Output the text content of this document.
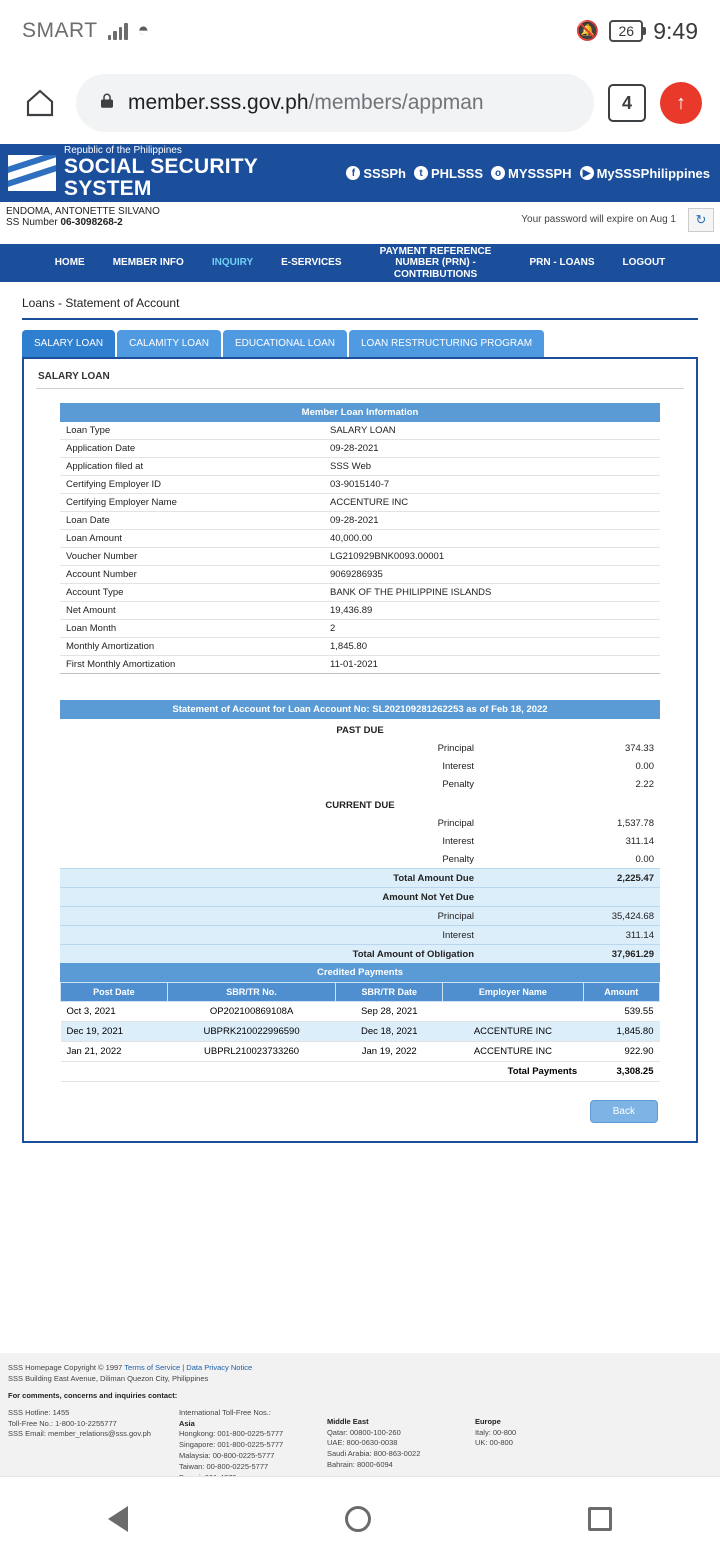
SMART ◓	🔕	26 9:49
member.sss.gov.ph/members/appman	4	↑
Republic of the Philippines
SOCIAL SECURITY SYSTEM
f SSSPh	t PHLSSS	o MYSSSPH	▶ MySSSPhilippines
ENDOMA, ANTONETTE SILVANO
SS Number 06-3098268-2	Your password will expire on Aug 1	↻
HOME	MEMBER INFO	INQUIRY	E-SERVICES
PAYMENT REFERENCE NUMBER (PRN) - CONTRIBUTIONS
PRN - LOANS	LOGOUT
Loans - Statement of Account
SALARY LOAN	CALAMITY LOAN	EDUCATIONAL LOAN	LOAN RESTRUCTURING PROGRAM
SALARY LOAN
Member Loan Information
Loan Type	SALARY LOAN
Application Date	09-28-2021
Application filed at	SSS Web
Certifying Employer ID	03-9015140-7
Certifying Employer Name	ACCENTURE INC
Loan Date	09-28-2021
Loan Amount	40,000.00
Voucher Number	LG210929BNK0093.00001
Account Number	9069286935
Account Type	BANK OF THE PHILIPPINE ISLANDS
Net Amount	19,436.89
Loan Month	2
Monthly Amortization	1,845.80
First Monthly Amortization	11-01-2021
Statement of Account for Loan Account No: SL202109281262253 as of Feb 18, 2022
PAST DUE	
Principal	374.33
Interest	0.00
Penalty	2.22
CURRENT DUE	
Principal	1,537.78
Interest	311.14
Penalty	0.00
Total Amount Due	2,225.47
Amount Not Yet Due	
Principal	35,424.68
Interest	311.14
Total Amount of Obligation	37,961.29
Credited Payments
Post Date	SBR/TR No.	SBR/TR Date	Employer Name	Amount
Oct 3, 2021	OP202100869108A	Sep 28, 2021		539.55
Dec 19, 2021	UBPRK210022996590	Dec 18, 2021	ACCENTURE INC	1,845.80
Jan 21, 2022	UBPRL210023733260	Jan 19, 2022	ACCENTURE INC	922.90
Total Payments				3,308.25
Back
SSS Homepage Copyright © 1997 Terms of Service | Data Privacy Notice
SSS Building East Avenue, Diliman Quezon City, Philippines
For comments, concerns and inquiries contact:
SSS Hotline: 1455
Toll-Free No.: 1-800-10-2255777
SSS Email: member_relations@sss.gov.ph
International Toll-Free Nos.:
Asia
Hongkong: 001-800-0225-5777
Singapore: 001-800-0225-5777
Malaysia: 00-800-0225-5777
Taiwan: 00-800-0225-5777
Middle East
Qatar: 00800-100-260
UAE: 800-0630-0038
Saudi Arabia: 800-863-0022
Bahrain: 8000-6094
Europe
Italy: 00-800
UK: 00-800
